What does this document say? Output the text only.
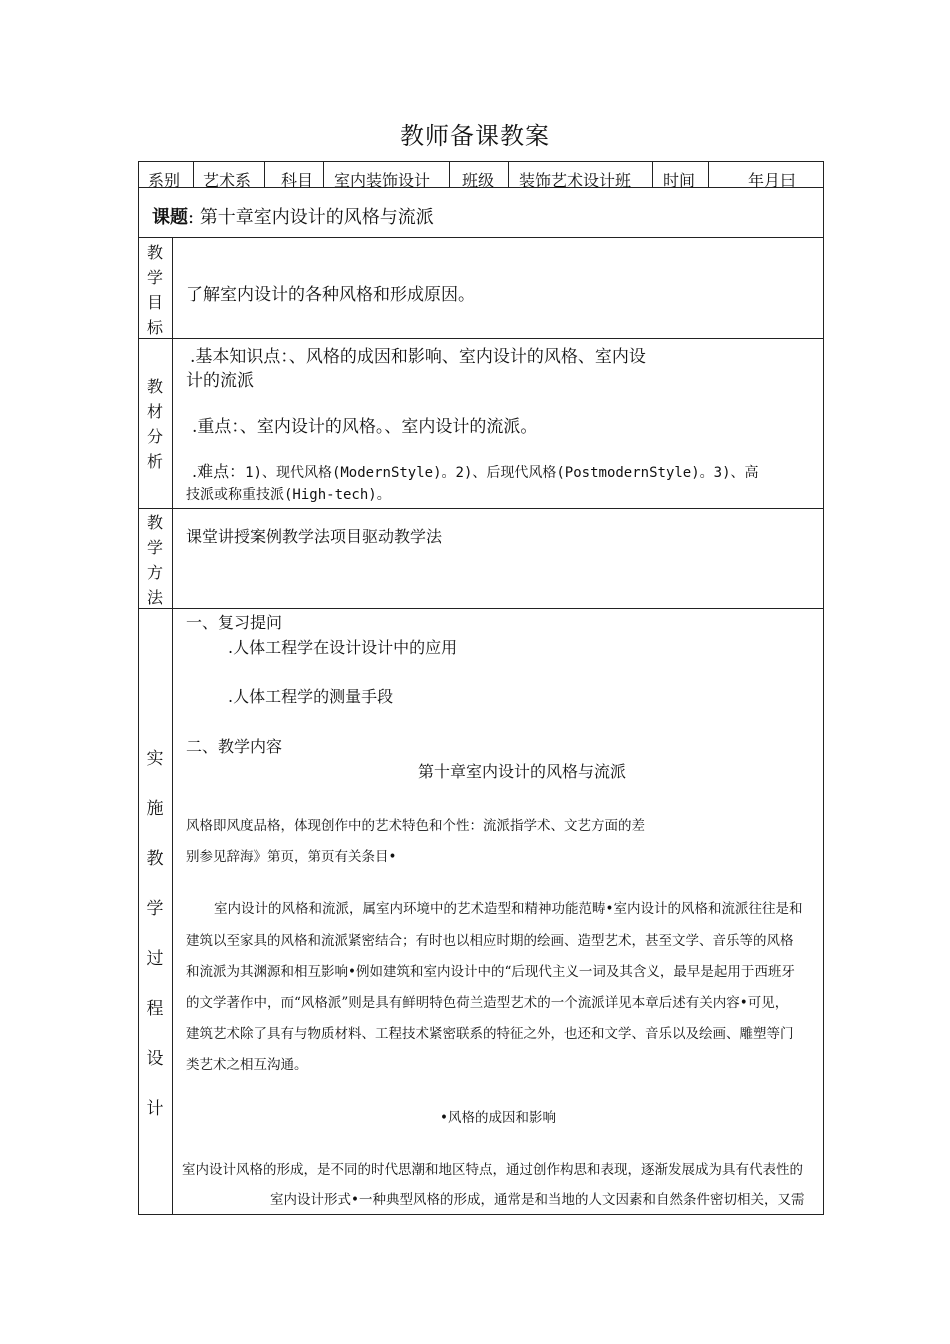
教师备课教案
系别 艺术系 科目 室内装饰设计 班级 装饰艺术设计班 时间	年月曰
课题: 第十章室内设计的风格与流派
教
学
目
标
了解室内设计的各种风格和形成原因。
教
材
分
析
.基本知识点：、风格的成因和影响、室内设计的风格、室内设
计的流派
.重点：、室内设计的风格。、室内设计的流派。
.难点：1)、现代风格(ModernStyle)。2)、后现代风格(PostmodernStyle)。3)、高
技派或称重技派(High-tech)。
教
学
方
法
课堂讲授案例教学法项目驱动教学法
实
施
教
学
过
程
设
计
一、复习提问
.人体工程学在设计设计中的应用
.人体工程学的测量手段
二、教学内容
第十章室内设计的风格与流派
风格即风度品格，体现创作中的艺术特色和个性：流派指学术、文艺方面的差
别参见辞海》第页，第页有关条目•
室内设计的风格和流派，属室内环境中的艺术造型和精神功能范畴•室内设计的风格和流派往往是和
建筑以至家具的风格和流派紧密结合；有时也以相应时期的绘画、造型艺术，甚至文学、音乐等的风格
和流派为其渊源和相互影响•例如建筑和室内设计中的“后现代主义一词及其含义，最早是起用于西班牙
的文学著作中，而“风格派”则是具有鲜明特色荷兰造型艺术的一个流派详见本章后述有关内容•可见，
建筑艺术除了具有与物质材料、工程技术紧密联系的特征之外，也还和文学、音乐以及绘画、雕塑等门
类艺术之相互沟通。
•风格的成因和影响
室内设计风格的形成，是不同的时代思潮和地区特点，通过创作构思和表现，逐渐发展成为具有代表性的
室内设计形式•一种典型风格的形成，通常是和当地的人文因素和自然条件密切相关，又需
